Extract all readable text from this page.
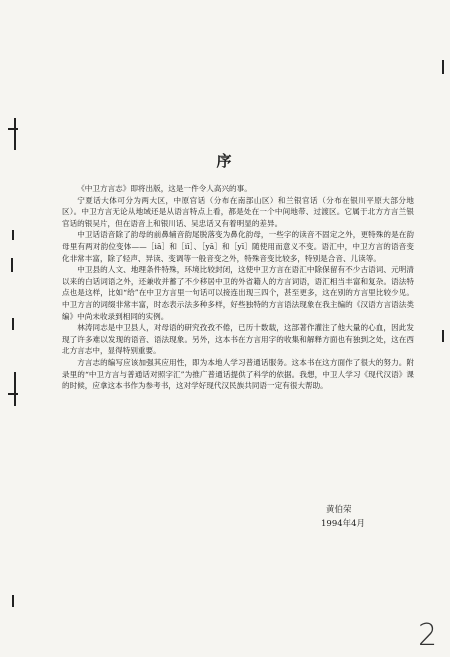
序

《中卫方言志》即将出版，这是一件令人高兴的事。

宁夏话大体可分为两大区，中原官话（分布在南部山区）和兰银官话（分布在银川平原大部分地区）。中卫方言无论从地域还是从语言特点上看，都是处在一个中间地带、过渡区。它属于北方方言兰银官话的银吴片，但在语音上和银川话、吴忠话又有着明显的差异。

中卫话语音除了韵母的前鼻辅音韵尾脱落变为鼻化韵母，一些字的读音不固定之外，更特殊的是在韵母里有两对韵位变体——［iā］和［iī］、［yā］和［yī］随使用而意义不变。语汇中，中卫方言的语音变化非常丰富，除了轻声、异读、变调等一般音变之外，特殊音变比较多，特别是合音、儿读等。

中卫县的人文、地理条件特殊，环境比较封闭，这使中卫方言在语汇中除保留有不少古语词、元明清以来的白话词语之外，还兼收并蓄了不少移居中卫的外省籍人的方言词语，语汇相当丰富和复杂。语法特点也是这样，比如“给”在中卫方言里一句话可以接连出现三四个，甚至更多，这在别的方言里比较少见。中卫方言的词缀非常丰富，时态表示法多种多样，好些独特的方言语法现象在我主编的《汉语方言语法类编》中尚未收录到相同的实例。

林涛同志是中卫县人，对母语的研究孜孜不倦，已历十数载，这部著作灌注了他大量的心血，因此发现了许多难以发现的语音、语法现象。另外，这本书在方言用字的收集和解释方面也有独到之处，这在西北方言志中，显得特别重要。

方言志的编写应该加强其应用性，即为本地人学习普通话服务。这本书在这方面作了很大的努力。附录里的“中卫方言与普通话对照字汇”为推广普通话提供了科学的依据。我想，中卫人学习《现代汉语》课的时候，应拿这本书作为参考书，这对学好现代汉民族共同语一定有很大帮助。

黄伯荣
1994年4月
2
